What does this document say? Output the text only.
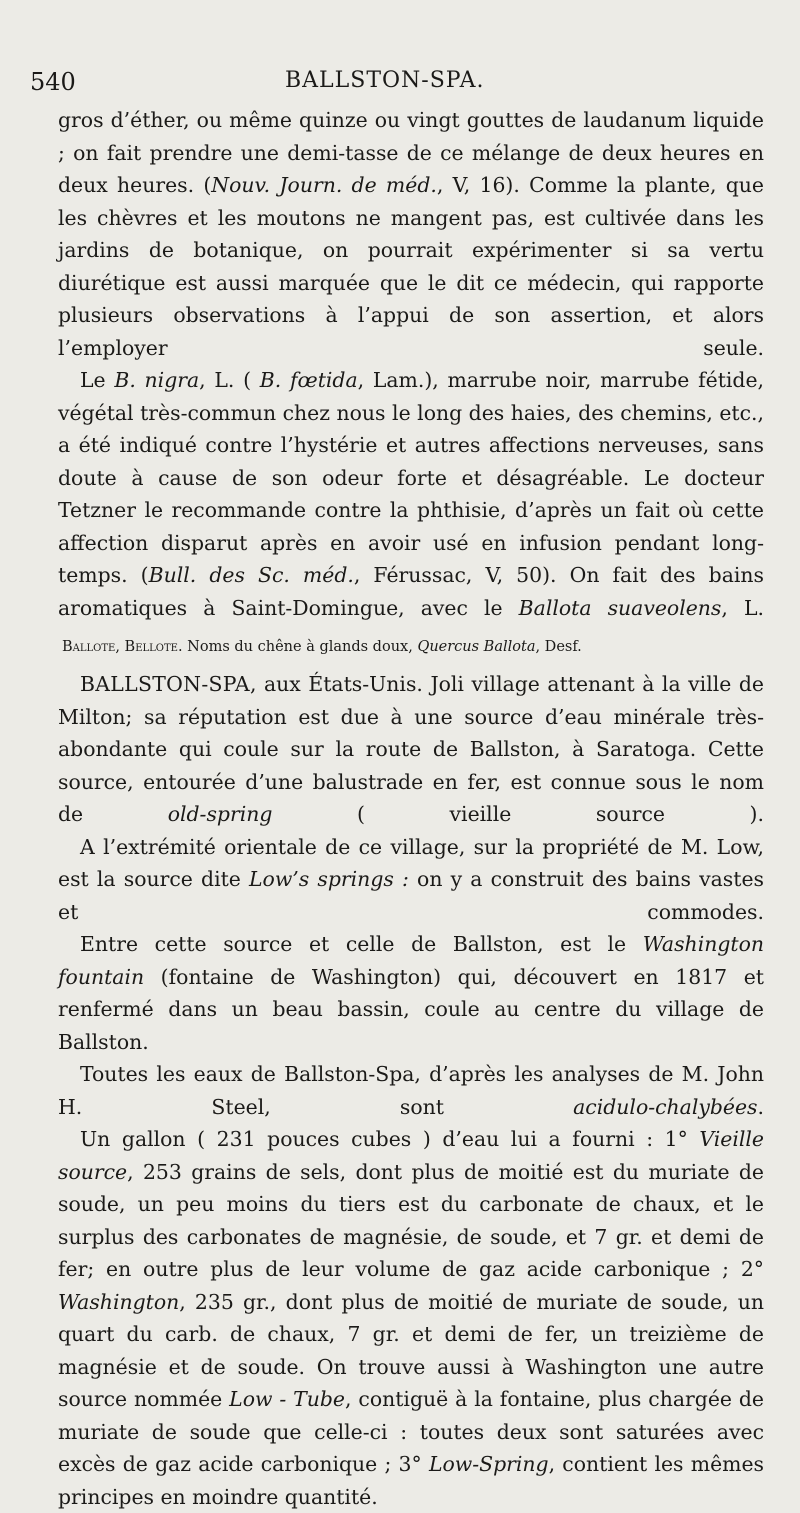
540	BALLSTON-SPA.

gros d’éther, ou même quinze ou vingt gouttes de laudanum liquide ; on fait prendre une demi-tasse de ce mélange de deux heures en deux heures. (Nouv. Journ. de méd., V, 16). Comme la plante, que les chèvres et les moutons ne mangent pas, est cultivée dans les jardins de botanique, on pourrait expérimenter si sa vertu diurétique est aussi marquée que le dit ce médecin, qui rapporte plusieurs observations à l’appui de son assertion, et alors l’employer seule.

Le B. nigra, L. ( B. fœtida, Lam.), marrube noir, marrube fétide, végétal très-commun chez nous le long des haies, des chemins, etc., a été indiqué contre l’hystérie et autres affections nerveuses, sans doute à cause de son odeur forte et désagréable. Le docteur Tetzner le recommande contre la phthisie, d’après un fait où cette affection disparut après en avoir usé en infusion pendant long-temps. (Bull. des Sc. méd., Férussac, V, 50). On fait des bains aromatiques à Saint-Domingue, avec le Ballota suaveolens, L.

Ballote, Bellote. Noms du chêne à glands doux, Quercus Ballota, Desf.

BALLSTON-SPA, aux États-Unis. Joli village attenant à la ville de Milton; sa réputation est due à une source d’eau minérale très-abondante qui coule sur la route de Ballston, à Saratoga. Cette source, entourée d’une balustrade en fer, est connue sous le nom de old-spring ( vieille source ).

A l’extrémité orientale de ce village, sur la propriété de M. Low, est la source dite Low’s springs : on y a construit des bains vastes et commodes.

Entre cette source et celle de Ballston, est le Washington fountain (fontaine de Washington) qui, découvert en 1817 et renfermé dans un beau bassin, coule au centre du village de Ballston.

Toutes les eaux de Ballston-Spa, d’après les analyses de M. John H. Steel, sont acidulo-chalybées.

Un gallon ( 231 pouces cubes ) d’eau lui a fourni : 1° Vieille source, 253 grains de sels, dont plus de moitié est du muriate de soude, un peu moins du tiers est du carbonate de chaux, et le surplus des carbonates de magnésie, de soude, et 7 gr. et demi de fer; en outre plus de leur volume de gaz acide carbonique ; 2° Washington, 235 gr., dont plus de moitié de muriate de soude, un quart du carb. de chaux, 7 gr. et demi de fer, un treizième de magnésie et de soude. On trouve aussi à Washington une autre source nommée Low - Tube, contiguë à la fontaine, plus chargée de muriate de soude que celle-ci : toutes deux sont saturées avec excès de gaz acide carbonique ; 3° Low-Spring, contient les mêmes principes en moindre quantité.
